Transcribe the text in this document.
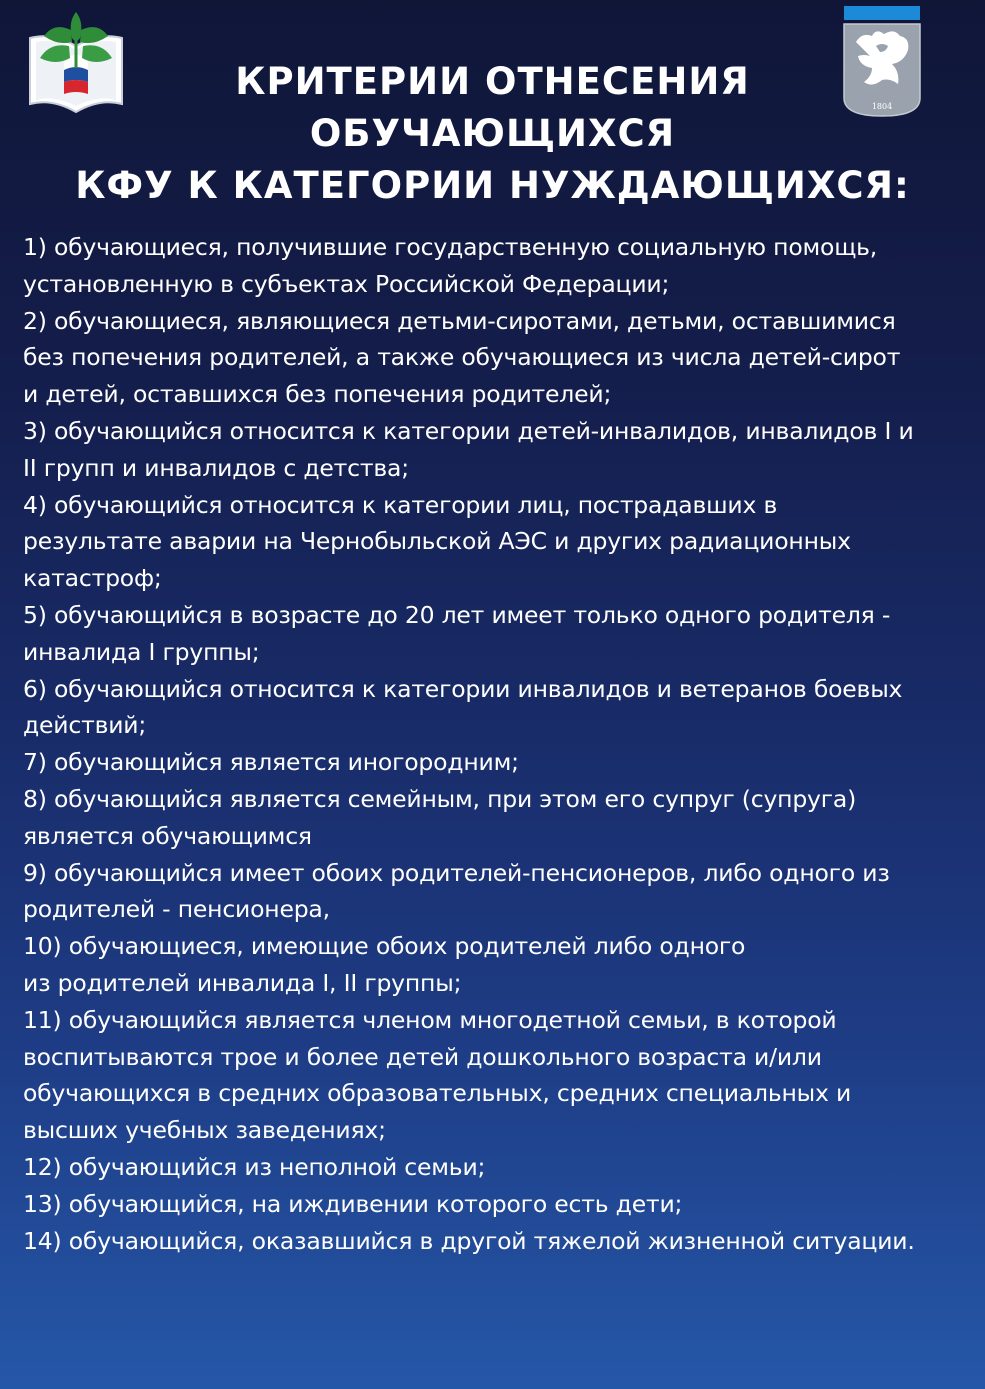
1804
КРИТЕРИИ ОТНЕСЕНИЯ
ОБУЧАЮЩИХСЯ
КФУ К КАТЕГОРИИ НУЖДАЮЩИХСЯ:
1) обучающиеся, получившие государственную социальную помощь,
установленную в субъектах Российской Федерации;
2) обучающиеся, являющиеся детьми-сиротами, детьми, оставшимися
без попечения родителей, а также обучающиеся из числа детей-сирот
и детей, оставшихся без попечения родителей;
3) обучающийся относится к категории детей-инвалидов, инвалидов I и
II групп и инвалидов с детства;
4) обучающийся относится к категории лиц, пострадавших в
результате аварии на Чернобыльской АЭС и других радиационных
катастроф;
5) обучающийся в возрасте до 20 лет имеет только одного родителя -
инвалида I группы;
6) обучающийся относится к категории инвалидов и ветеранов боевых
действий;
7) обучающийся является иногородним;
8) обучающийся является семейным, при этом его супруг (супруга)
является обучающимся
9) обучающийся имеет обоих родителей-пенсионеров, либо одного из
родителей - пенсионера,
10) обучающиеся, имеющие обоих родителей либо одного
из родителей инвалида I, II группы;
11) обучающийся является членом многодетной семьи, в которой
воспитываются трое и более детей дошкольного возраста и/или
обучающихся в средних образовательных, средних специальных и
высших учебных заведениях;
12) обучающийся из неполной семьи;
13) обучающийся, на иждивении которого есть дети;
14) обучающийся, оказавшийся в другой тяжелой жизненной ситуации.
